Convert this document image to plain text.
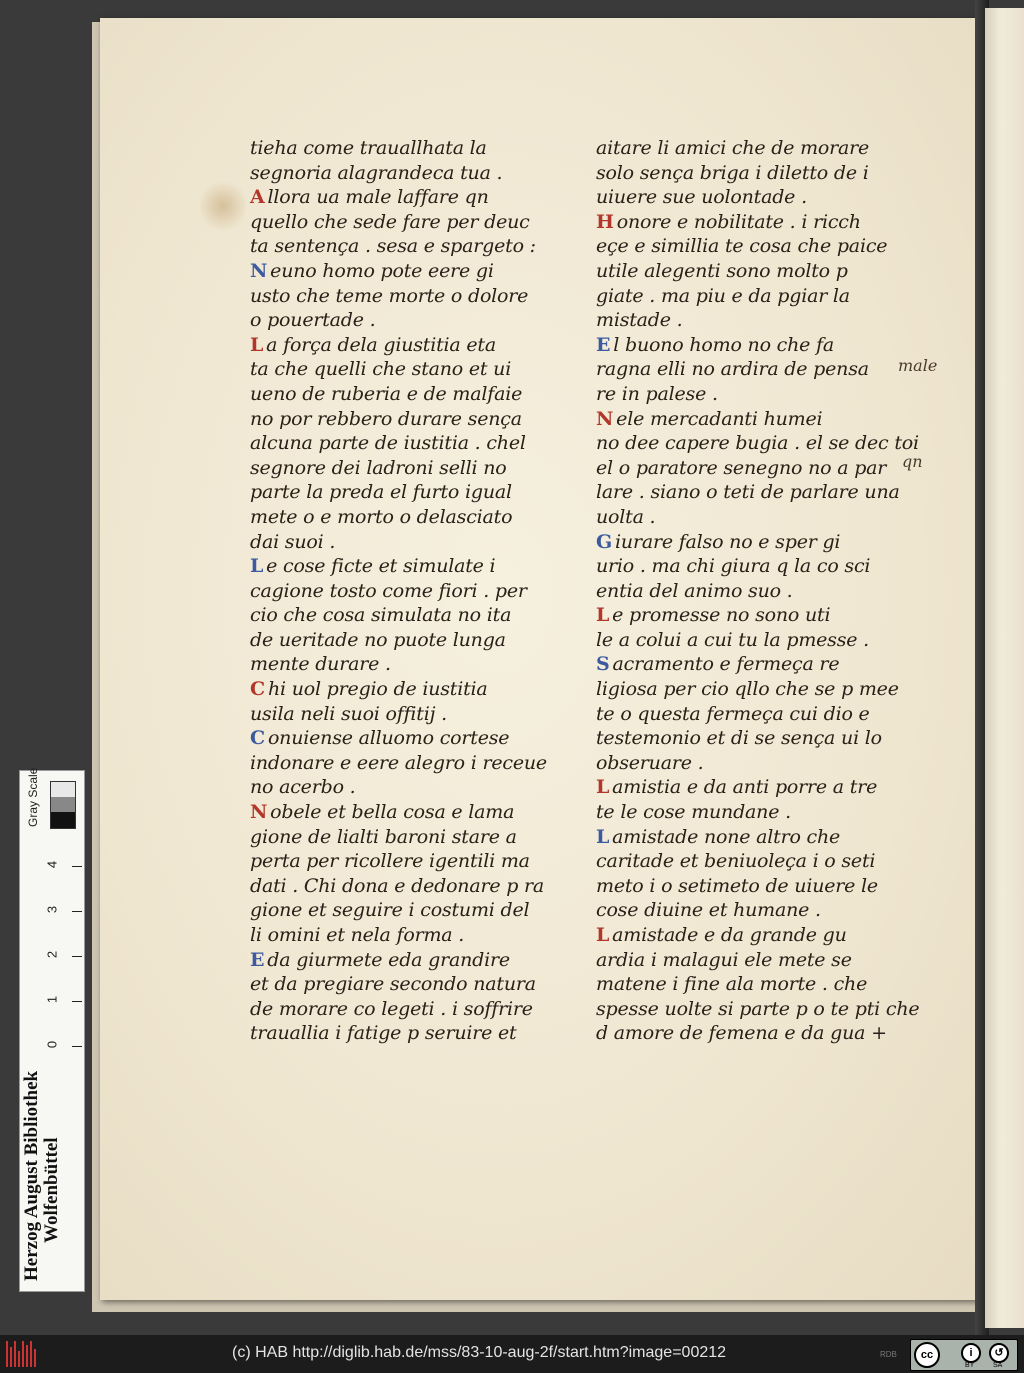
tieha come trauallhata la
segnoria alagrandeca tua .
A llora ua male laffare qn
quello che sede fare per deuc
ta sentença . sesa e spargeto :
N euno homo pote eere gi
usto che teme morte o dolore
o pouertade .
L a força dela giustitia eta
ta che quelli che stano et ui
ueno de ruberia e de malfaie
no por rebbero durare sença
alcuna parte de iustitia . chel
segnore dei ladroni selli no
parte la preda el furto igual
mete o e morto o delasciato
dai suoi .
L e cose ficte et simulate i
cagione tosto come fiori . per
cio che cosa simulata no ita
de ueritade no puote lunga
mente durare .
C hi uol pregio de iustitia
usila neli suoi offitij .
C onuiense alluomo cortese
indonare e eere alegro i receue
no acerbo .
N obele et bella cosa e lama
gione de lialti baroni stare a
perta per ricollere igentili ma
dati . Chi dona e dedonare p ra
gione et seguire i costumi del
li omini et nela forma .
E da giurmete eda grandire
et da pregiare secondo natura
de morare co legeti . i soffrire
trauallia i fatige p seruire et
aitare li amici che de morare
solo sença briga i diletto de i
uiuere sue uolontade .
H onore e nobilitate . i ricch
eçe e simillia te cosa che paice
utile alegenti sono molto p
giate . ma piu e da pgiar la
mistade .
E l buono homo no che fa
ragna elli no ardira de pensa
re in palese .
N ele mercadanti humei
no dee capere bugia . el se dec toi
el o paratore senegno no a par
lare . siano o teti de parlare una
uolta .
G iurare falso no e sper gi
urio . ma chi giura q la co sci
entia del animo suo .
L e promesse no sono uti
le a colui a cui tu la pmesse .
S acramento e fermeça re
ligiosa per cio qllo che se p mee
te o questa fermeça cui dio e
testemonio et di se sença ui lo
obseruare .
L amistia e da anti porre a tre
te le cose mundane .
L amistade none altro che
caritade et beniuoleça i o seti
meto i o setimeto de uiuere le
cose diuine et humane .
L amistade e da grande gu
ardia i malagui ele mete se
matene i fine ala morte . che
spesse uolte si parte p o te pti che
d amore de femena e da gua +
male
qn
Gray Scale
0
1
2
3
4
Herzog August Bibliothek Wolfenbüttel
(c) HAB http://diglib.hab.de/mss/83-10-aug-2f/start.htm?image=00212	RDB	cc	i	↺
BY	SA
